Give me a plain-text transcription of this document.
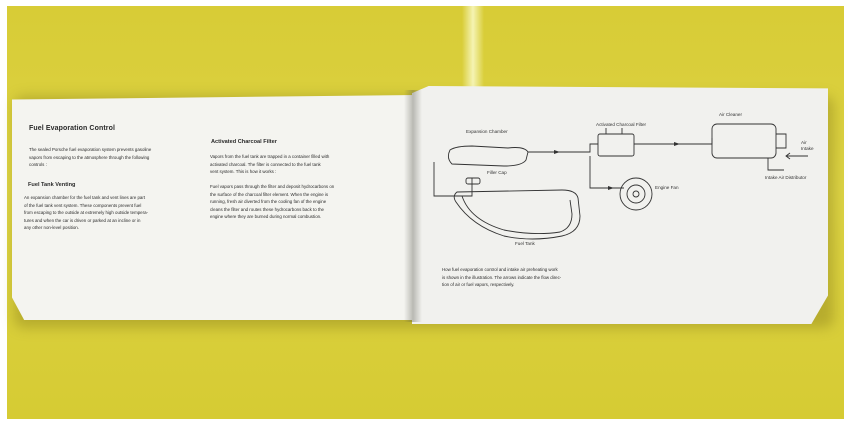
Fuel Evaporation Control

The sealed Porsche fuel evaporation system prevents gasoline
vapors from escaping to the atmosphere through the following
controls :

Fuel Tank Venting

An expansion chamber for the fuel tank and vent lines are part
of the fuel tank vent system. These components prevent fuel
from escaping to the outside at extremely high outside tempera-
tures and when the car is driven or parked at an incline or in
any other non-level position.

Activated Charcoal Filter

Vapors from the fuel tank are trapped in a container filled with
activated charcoal. The filter is connected to the fuel tank
vent system. This is how it works :

Fuel vapors pass through the filter and deposit hydrocarbons on
the surface of the charcoal filter element. When the engine is
running, fresh air diverted from the cooling fan of the engine
cleans the filter and routes these hydrocarbons back to the
engine where they are burned during normal combustion.

Expansion Chamber
Activated Charcoal Filter
Air Cleaner
Air
Intake
Intake Air Distributor
Filler Cap
Engine Fan
Fuel Tank

How fuel evaporation control and intake air preheating work
is shown in the illustration. The arrows indicate the flow direc-
tion of air or fuel vapors, respectively.
